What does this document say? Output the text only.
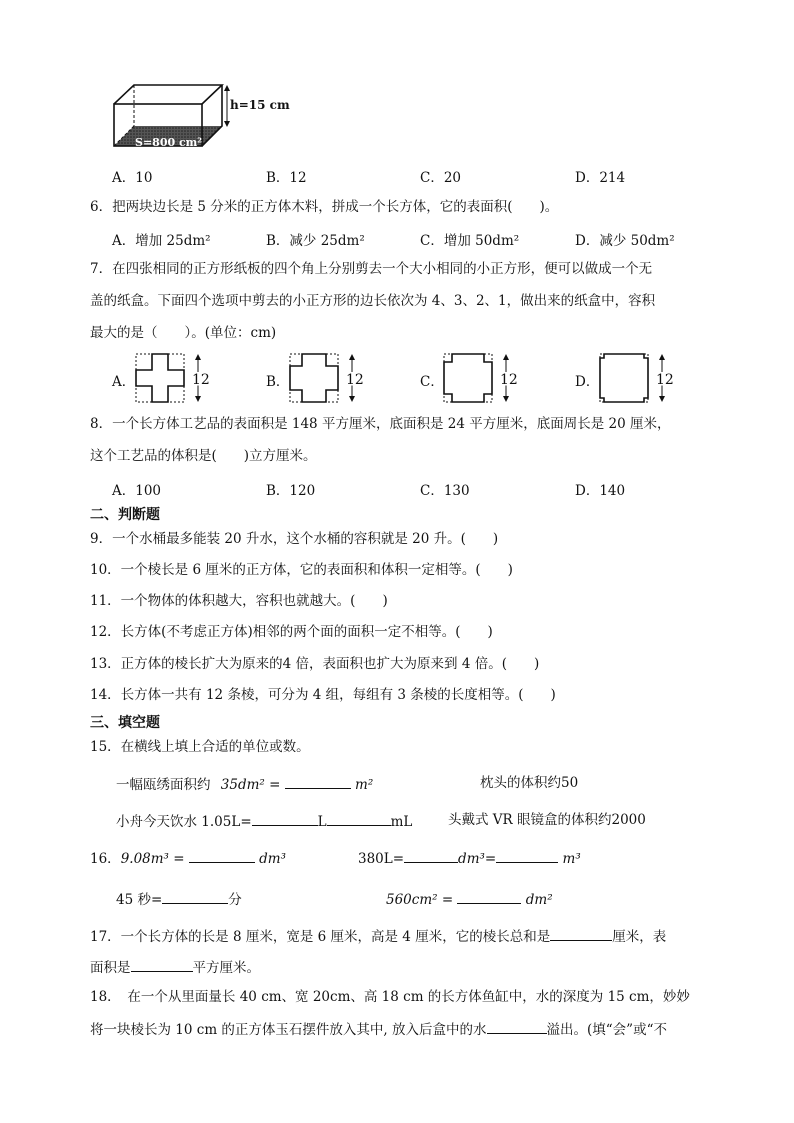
h=15 cm
S=800 cm²
A．10	B．12	C．20	D．214
6．把两块边长是 5 分米的正方体木料，拼成一个长方体，它的表面积(　　)。
A．增加 25dm²	B．减少 25dm²	C．增加 50dm²	D．减少 50dm²
7．在四张相同的正方形纸板的四个角上分别剪去一个大小相同的小正方形，便可以做成一个无
盖的纸盒。下面四个选项中剪去的小正方形的边长依次为 4、3、2、1，做出来的纸盒中，容积
最大的是（　　）。(单位：cm)
A．	B．	C．	D．
12	12	12	12
8．一个长方体工艺品的表面积是 148 平方厘米，底面积是 24 平方厘米，底面周长是 20 厘米，
这个工艺品的体积是(　　)立方厘米。
A．100	B．120	C．130	D．140
二、判断题
9．一个水桶最多能装 20 升水，这个水桶的容积就是 20 升。(　　)
10．一个棱长是 6 厘米的正方体，它的表面积和体积一定相等。(　　)
11．一个物体的体积越大，容积也就越大。(　　)
12．长方体(不考虑正方体)相邻的两个面的面积一定不相等。(　　)
13．正方体的棱长扩大为原来的4 倍，表面积也扩大为原来到 4 倍。(　　)
14．长方体一共有 12 条棱，可分为 4 组，每组有 3 条棱的长度相等。(　　)
三、填空题
15．在横线上填上合适的单位或数。
一幅瓯绣面积约 35dm² =	m²	枕头的体积约50
小舟今天饮水 1.05L=	L	mL	头戴式 VR 眼镜盒的体积约2000
16．9.08m³ =	dm³	380L=	dm³=	m³
45 秒=	分	560cm² =	dm²
17．一个长方体的长是 8 厘米，宽是 6 厘米，高是 4 厘米，它的棱长总和是	厘米，表
面积是	平方厘米。
18．　在一个从里面量长 40 cm、宽 20cm、高 18 cm 的长方体鱼缸中，水的深度为 15 cm，妙妙
将一块棱长为 10 cm 的正方体玉石摆件放入其中, 放入后盒中的水	溢出。(填“会”或“不
